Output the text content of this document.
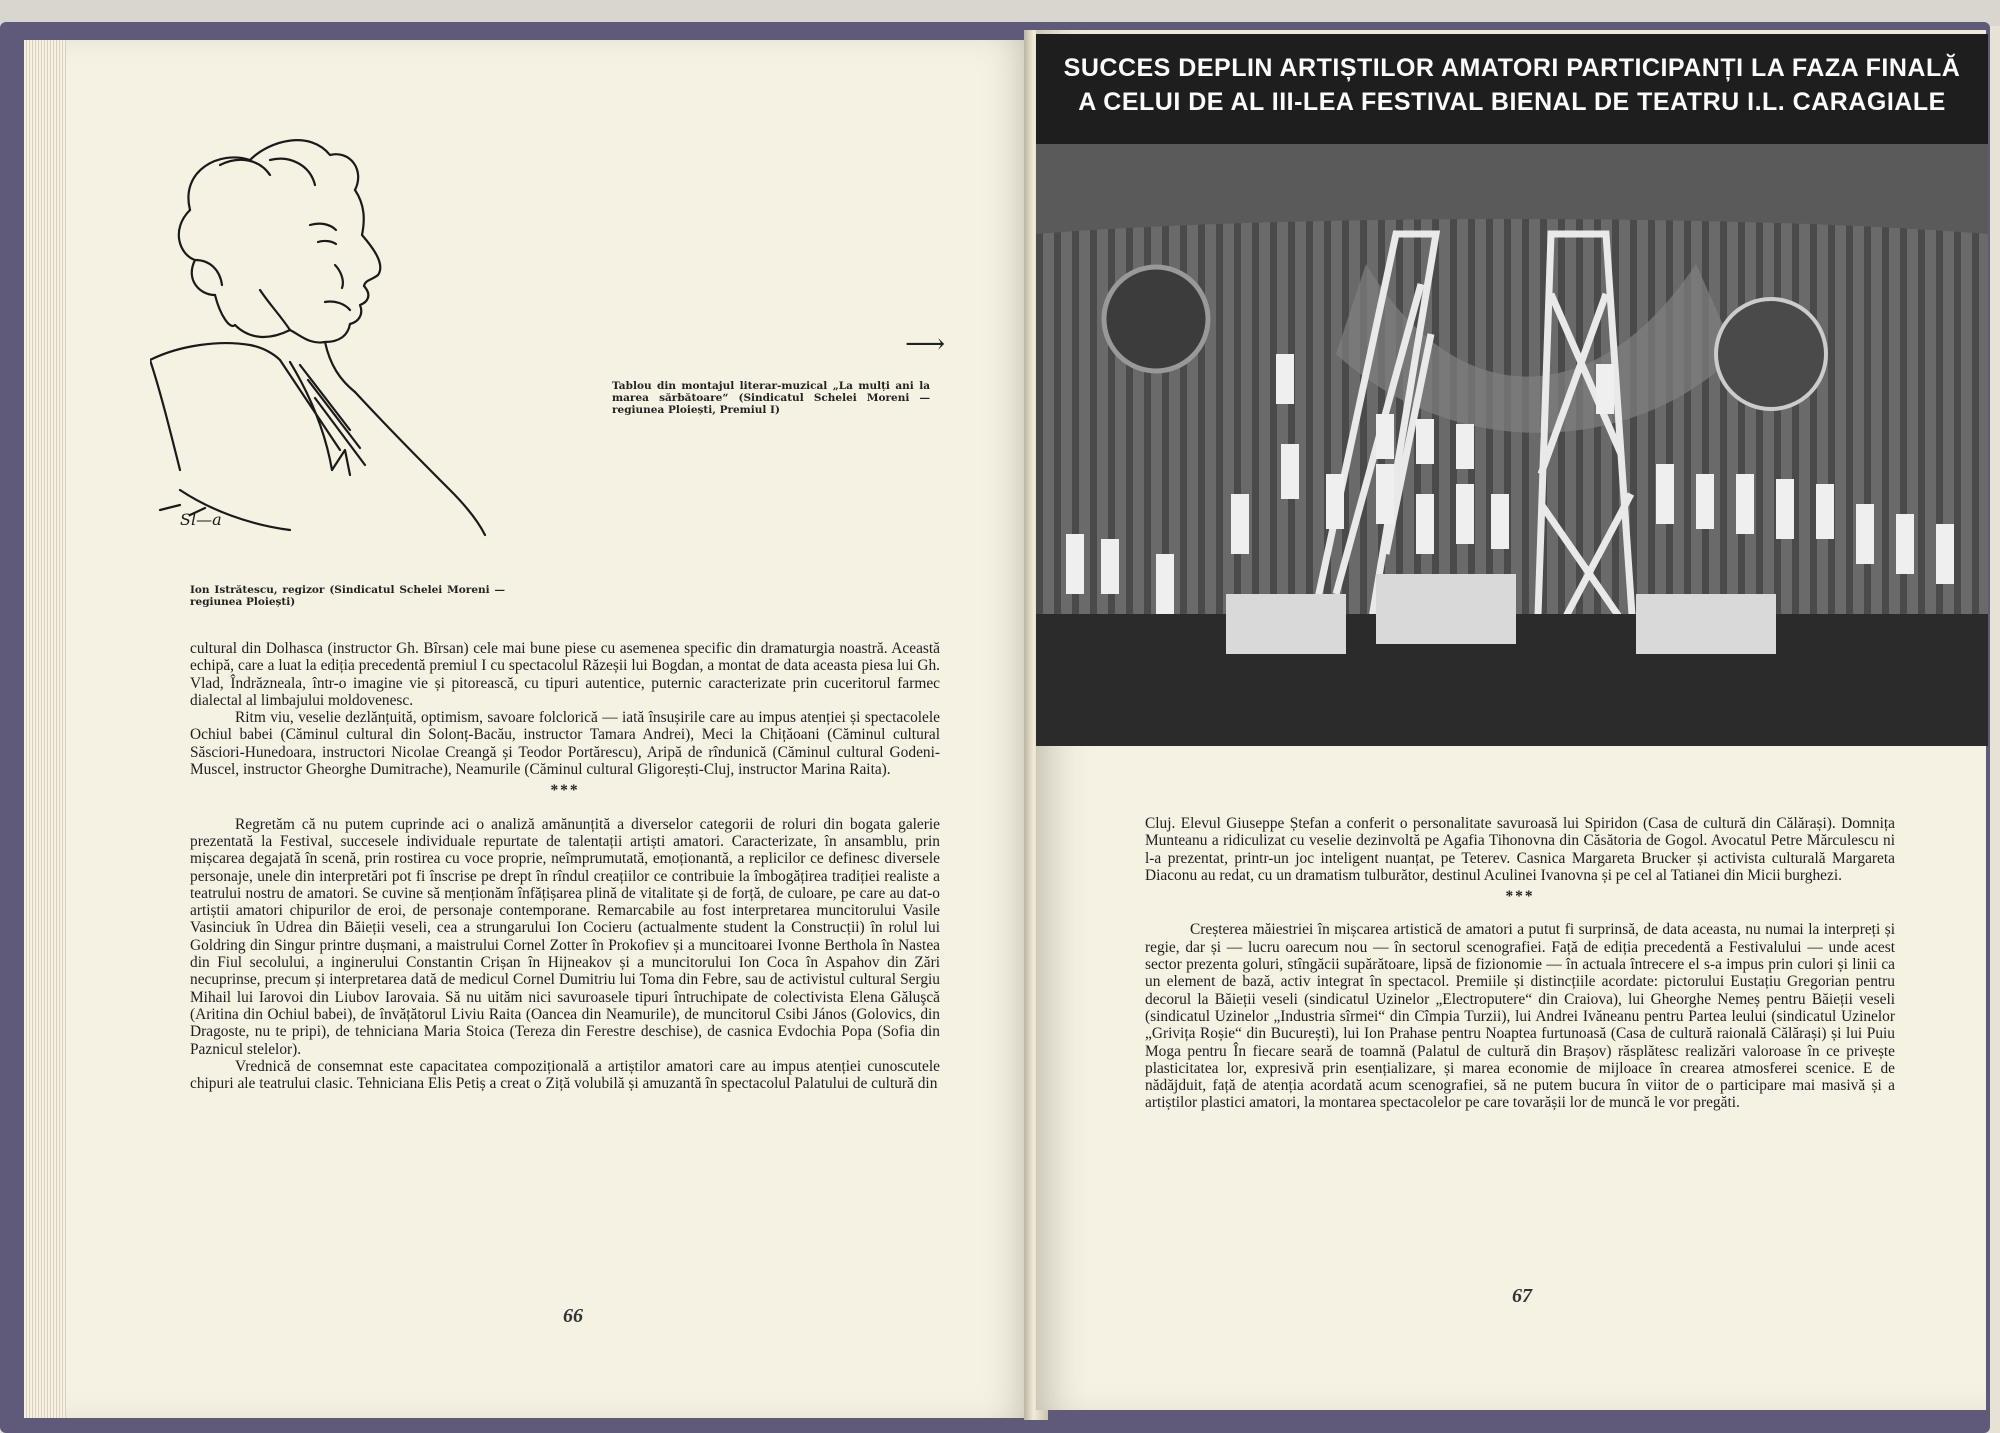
Sl—a
Ion Istrătescu, regizor (Sindicatul Schelei Moreni — regiunea Ploiești)
⟶
Tablou din montajul literar-muzical „La mulți ani la marea sărbătoare“ (Sindicatul Schelei Moreni — regiunea Ploiești, Premiul I)

cultural din Dolhasca (instructor Gh. Bîrsan) cele mai bune piese cu asemenea specific din dramaturgia noastră. Această echipă, care a luat la ediția precedentă premiul I cu spectacolul Răzeșii lui Bogdan, a montat de data aceasta piesa lui Gh. Vlad, Îndrăzneala, într-o imagine vie și pitorească, cu tipuri autentice, puternic caracterizate prin cuceritorul farmec dialectal al limbajului moldovenesc.

Ritm viu, veselie dezlănțuită, optimism, savoare folclorică — iată însușirile care au impus atenției și spectacolele Ochiul babei (Căminul cultural din Solonț-Bacău, instructor Tamara Andrei), Meci la Chițăoani (Căminul cultural Săsciori-Hunedoara, instructori Nicolae Creangă și Teodor Portărescu), Aripă de rîndunică (Căminul cultural Godeni-Muscel, instructor Gheorghe Dumitrache), Neamurile (Căminul cultural Gligorești-Cluj, instructor Marina Raita).

***

Regretăm că nu putem cuprinde aci o analiză amănunțită a diverselor categorii de roluri din bogata galerie prezentată la Festival, succesele individuale repurtate de talentații artiști amatori. Caracterizate, în ansamblu, prin mișcarea degajată în scenă, prin rostirea cu voce proprie, neîmprumutată, emoționantă, a replicilor ce definesc diversele personaje, unele din interpretări pot fi înscrise pe drept în rîndul creațiilor ce contribuie la îmbogățirea tradiției realiste a teatrului nostru de amatori. Se cuvine să menționăm înfățișarea plină de vitalitate și de forță, de culoare, pe care au dat-o artiștii amatori chipurilor de eroi, de personaje contemporane. Remarcabile au fost interpretarea muncitorului Vasile Vasinciuk în Udrea din Băieții veseli, cea a strungarului Ion Cocieru (actualmente student la Construcții) în rolul lui Goldring din Singur printre dușmani, a maistrului Cornel Zotter în Prokofiev și a muncitoarei Ivonne Berthola în Nastea din Fiul secolului, a inginerului Constantin Crișan în Hijneakov și a muncitorului Ion Coca în Aspahov din Zări necuprinse, precum și interpretarea dată de medicul Cornel Dumitriu lui Toma din Febre, sau de activistul cultural Sergiu Mihail lui Iarovoi din Liubov Iarovaia. Să nu uităm nici savuroasele tipuri întruchipate de colectivista Elena Găluşcă (Aritina din Ochiul babei), de învățătorul Liviu Raita (Oancea din Neamurile), de muncitorul Csibi János (Golovics, din Dragoste, nu te pripi), de tehniciana Maria Stoica (Tereza din Ferestre deschise), de casnica Evdochia Popa (Sofia din Paznicul stelelor).

Vrednică de consemnat este capacitatea compozițională a artiștilor amatori care au impus atenției cunoscutele chipuri ale teatrului clasic. Tehniciana Elis Petiș a creat o Ziță volubilă și amuzantă în spectacolul Palatului de cultură din

66
SUCCES DEPLIN ARTIȘTILOR AMATORI PARTICIPANȚI LA FAZA FINALĂ
A CELUI DE AL III-LEA FESTIVAL BIENAL DE TEATRU I.L. CARAGIALE

Cluj. Elevul Giuseppe Ștefan a conferit o personalitate savuroasă lui Spiridon (Casa de cultură din Călărași). Domnița Munteanu a ridiculizat cu veselie dezinvoltă pe Agafia Tihonovna din Căsătoria de Gogol. Avocatul Petre Mărculescu ni l-a prezentat, printr-un joc inteligent nuanțat, pe Teterev. Casnica Margareta Brucker și activista culturală Margareta Diaconu au redat, cu un dramatism tulburător, destinul Aculinei Ivanovna și pe cel al Tatianei din Micii burghezi.

***

Creșterea măiestriei în mișcarea artistică de amatori a putut fi surprinsă, de data aceasta, nu numai la interpreți și regie, dar și — lucru oarecum nou — în sectorul scenografiei. Față de ediția precedentă a Festivalului — unde acest sector prezenta goluri, stîngăcii supărătoare, lipsă de fizionomie — în actuala întrecere el s-a impus prin culori și linii ca un element de bază, activ integrat în spectacol. Premiile și distincțiile acordate: pictorului Eustațiu Gregorian pentru decorul la Băieții veseli (sindicatul Uzinelor „Electroputere“ din Craiova), lui Gheorghe Nemeș pentru Băieții veseli (sindicatul Uzinelor „Industria sîrmei“ din Cîmpia Turzii), lui Andrei Ivăneanu pentru Partea leului (sindicatul Uzinelor „Grivița Roșie“ din București), lui Ion Prahase pentru Noaptea furtunoasă (Casa de cultură raională Călărași) și lui Puiu Moga pentru În fiecare seară de toamnă (Palatul de cultură din Brașov) răsplătesc realizări valoroase în ce privește plasticitatea lor, expresivă prin esențializare, și marea economie de mijloace în crearea atmosferei scenice. E de nădăjduit, față de atenția acordată acum scenografiei, să ne putem bucura în viitor de o participare mai masivă și a artiștilor plastici amatori, la montarea spectacolelor pe care tovarășii lor de muncă le vor pregăti.

67
